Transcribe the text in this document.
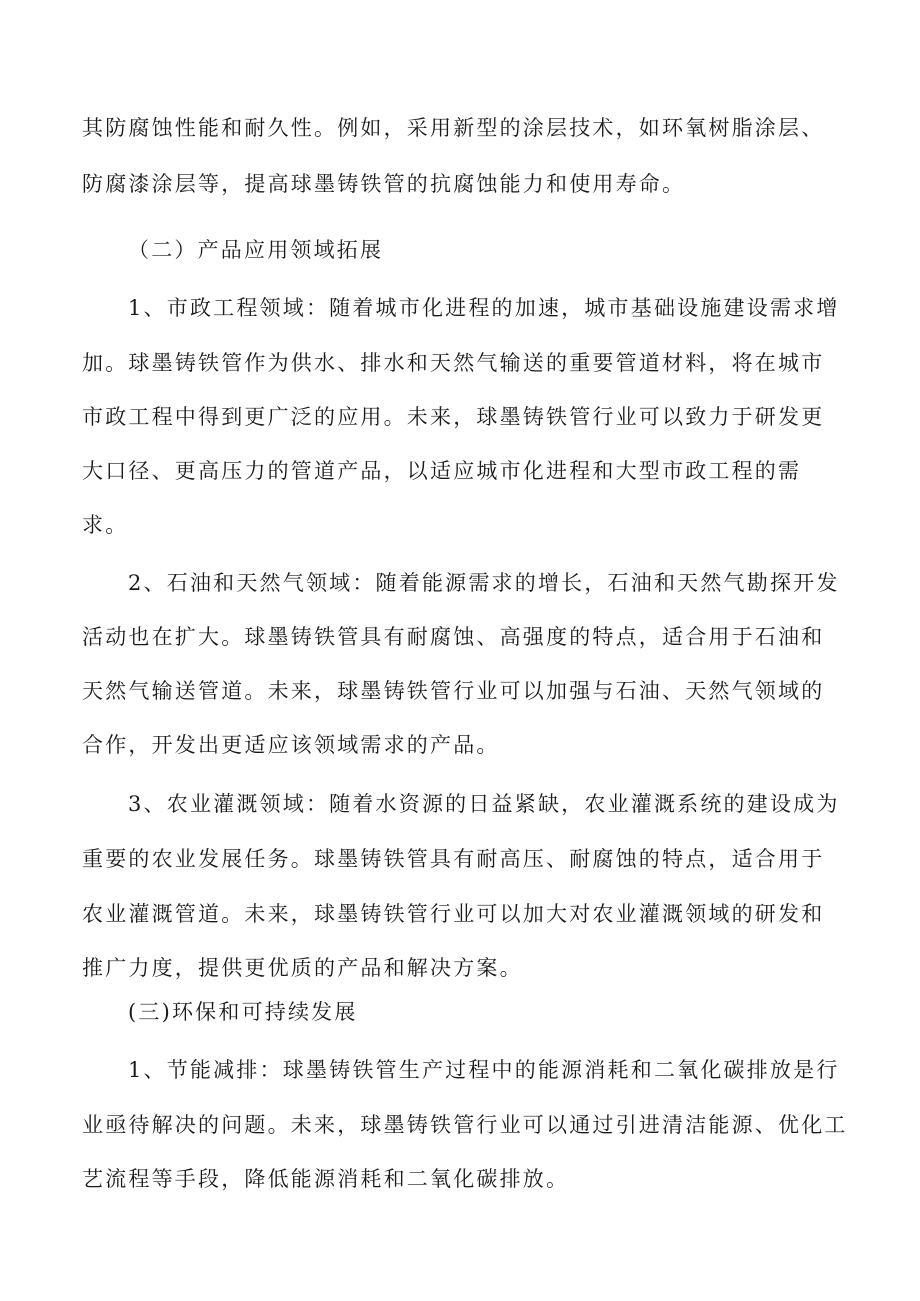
其防腐蚀性能和耐久性。例如，采用新型的涂层技术，如环氧树脂涂层、
防腐漆涂层等，提高球墨铸铁管的抗腐蚀能力和使用寿命。
（二）产品应用领域拓展
1、市政工程领域：随着城市化进程的加速，城市基础设施建设需求增
加。球墨铸铁管作为供水、排水和天然气输送的重要管道材料，将在城市
市政工程中得到更广泛的应用。未来，球墨铸铁管行业可以致力于研发更
大口径、更高压力的管道产品，以适应城市化进程和大型市政工程的需
求。
2、石油和天然气领域：随着能源需求的增长，石油和天然气勘探开发
活动也在扩大。球墨铸铁管具有耐腐蚀、高强度的特点，适合用于石油和
天然气输送管道。未来，球墨铸铁管行业可以加强与石油、天然气领域的
合作，开发出更适应该领域需求的产品。
3、农业灌溉领域：随着水资源的日益紧缺，农业灌溉系统的建设成为
重要的农业发展任务。球墨铸铁管具有耐高压、耐腐蚀的特点，适合用于
农业灌溉管道。未来，球墨铸铁管行业可以加大对农业灌溉领域的研发和
推广力度，提供更优质的产品和解决方案。
(三)环保和可持续发展
1、节能减排：球墨铸铁管生产过程中的能源消耗和二氧化碳排放是行
业亟待解决的问题。未来，球墨铸铁管行业可以通过引进清洁能源、优化工
艺流程等手段，降低能源消耗和二氧化碳排放。
